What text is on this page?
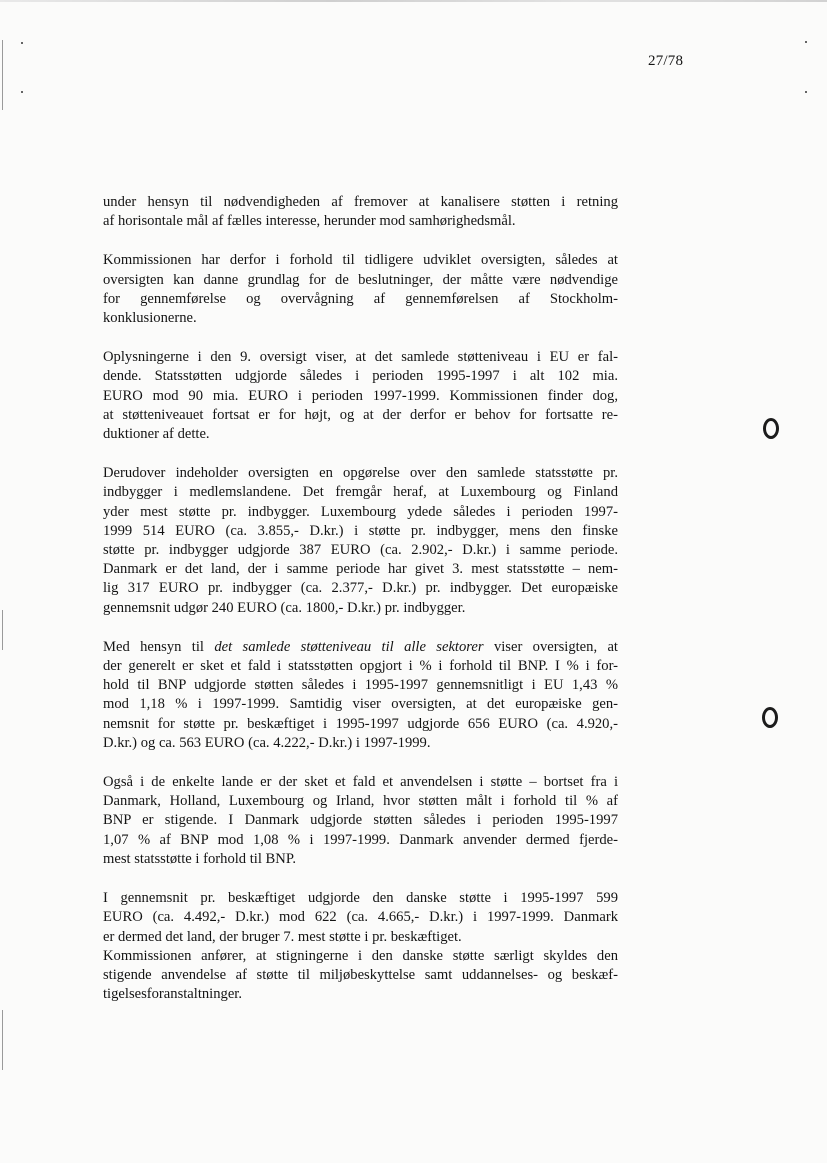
27/78
under hensyn til nødvendigheden af fremover at kanalisere støtten i retning
af horisontale mål af fælles interesse, herunder mod samhørighedsmål.
Kommissionen har derfor i forhold til tidligere udviklet oversigten, således at
oversigten kan danne grundlag for de beslutninger, der måtte være nødvendige
for gennemførelse og overvågning af gennemførelsen af Stockholm-
konklusionerne.
Oplysningerne i den 9. oversigt viser, at det samlede støtteniveau i EU er fal-
dende. Statsstøtten udgjorde således i perioden 1995-1997 i alt 102 mia.
EURO mod 90 mia. EURO i perioden 1997-1999. Kommissionen finder dog,
at støtteniveauet fortsat er for højt, og at der derfor er behov for fortsatte re-
duktioner af dette.
Derudover indeholder oversigten en opgørelse over den samlede statsstøtte pr.
indbygger i medlemslandene. Det fremgår heraf, at Luxembourg og Finland
yder mest støtte pr. indbygger. Luxembourg ydede således i perioden 1997-
1999 514 EURO (ca. 3.855,- D.kr.) i støtte pr. indbygger, mens den finske
støtte pr. indbygger udgjorde 387 EURO (ca. 2.902,- D.kr.) i samme periode.
Danmark er det land, der i samme periode har givet 3. mest statsstøtte – nem-
lig 317 EURO pr. indbygger (ca. 2.377,- D.kr.) pr. indbygger. Det europæiske
gennemsnit udgør 240 EURO (ca. 1800,- D.kr.) pr. indbygger.
Med hensyn til det samlede støtteniveau til alle sektorer viser oversigten, at
der generelt er sket et fald i statsstøtten opgjort i % i forhold til BNP. I % i for-
hold til BNP udgjorde støtten således i 1995-1997 gennemsnitligt i EU 1,43 %
mod 1,18 % i 1997-1999. Samtidig viser oversigten, at det europæiske gen-
nemsnit for støtte pr. beskæftiget i 1995-1997 udgjorde 656 EURO (ca. 4.920,-
D.kr.) og ca. 563 EURO (ca. 4.222,- D.kr.) i 1997-1999.
Også i de enkelte lande er der sket et fald et anvendelsen i støtte – bortset fra i
Danmark, Holland, Luxembourg og Irland, hvor støtten målt i forhold til % af
BNP er stigende. I Danmark udgjorde støtten således i perioden 1995-1997
1,07 % af BNP mod 1,08 % i 1997-1999. Danmark anvender dermed fjerde-
mest statsstøtte i forhold til BNP.
I gennemsnit pr. beskæftiget udgjorde den danske støtte i 1995-1997 599
EURO (ca. 4.492,- D.kr.) mod 622 (ca. 4.665,- D.kr.) i 1997-1999. Danmark
er dermed det land, der bruger 7. mest støtte i pr. beskæftiget.
Kommissionen anfører, at stigningerne i den danske støtte særligt skyldes den
stigende anvendelse af støtte til miljøbeskyttelse samt uddannelses- og beskæf-
tigelsesforanstaltninger.
